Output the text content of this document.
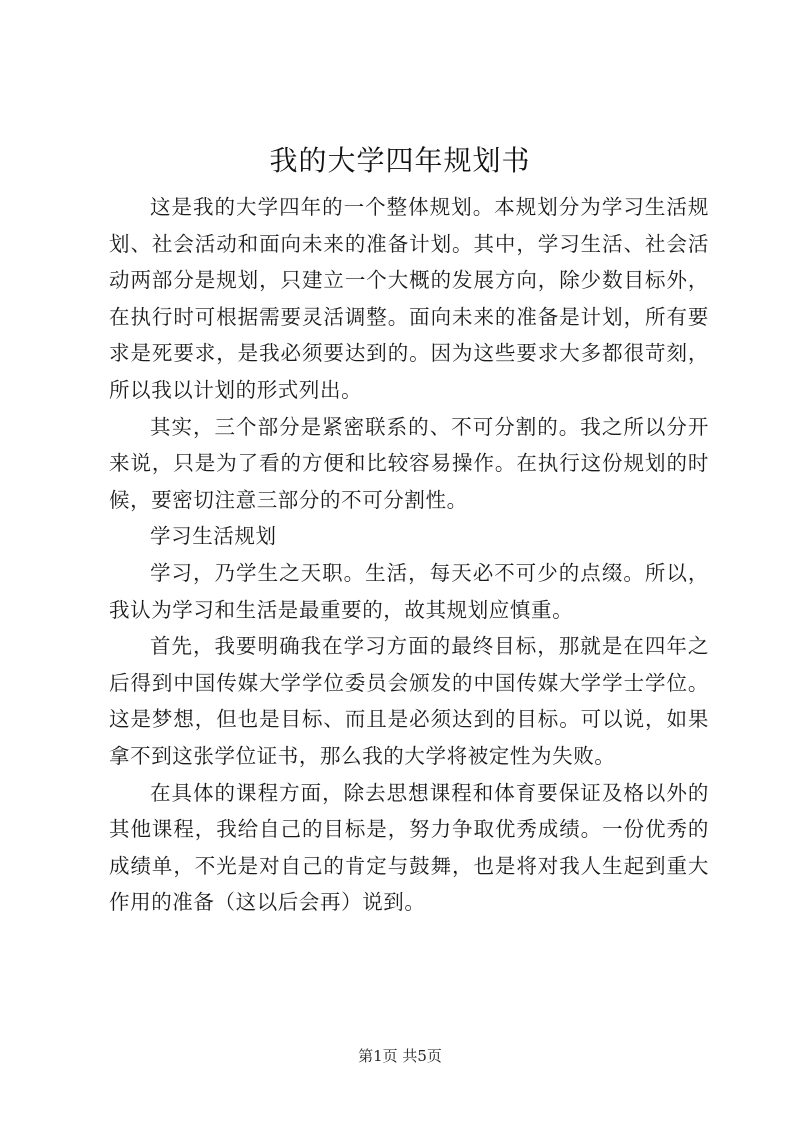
我的大学四年规划书

这是我的大学四年的一个整体规划。本规划分为学习生活规划、社会活动和面向未来的准备计划。其中，学习生活、社会活动两部分是规划，只建立一个大概的发展方向，除少数目标外，在执行时可根据需要灵活调整。面向未来的准备是计划，所有要求是死要求，是我必须要达到的。因为这些要求大多都很苛刻，所以我以计划的形式列出。

其实，三个部分是紧密联系的、不可分割的。我之所以分开来说，只是为了看的方便和比较容易操作。在执行这份规划的时候，要密切注意三部分的不可分割性。

学习生活规划

学习，乃学生之天职。生活，每天必不可少的点缀。所以，我认为学习和生活是最重要的，故其规划应慎重。

首先，我要明确我在学习方面的最终目标，那就是在四年之后得到中国传媒大学学位委员会颁发的中国传媒大学学士学位。这是梦想，但也是目标、而且是必须达到的目标。可以说，如果拿不到这张学位证书，那么我的大学将被定性为失败。

在具体的课程方面，除去思想课程和体育要保证及格以外的其他课程，我给自己的目标是，努力争取优秀成绩。一份优秀的成绩单，不光是对自己的肯定与鼓舞，也是将对我人生起到重大作用的准备（这以后会再）说到。

第1页 共5页
